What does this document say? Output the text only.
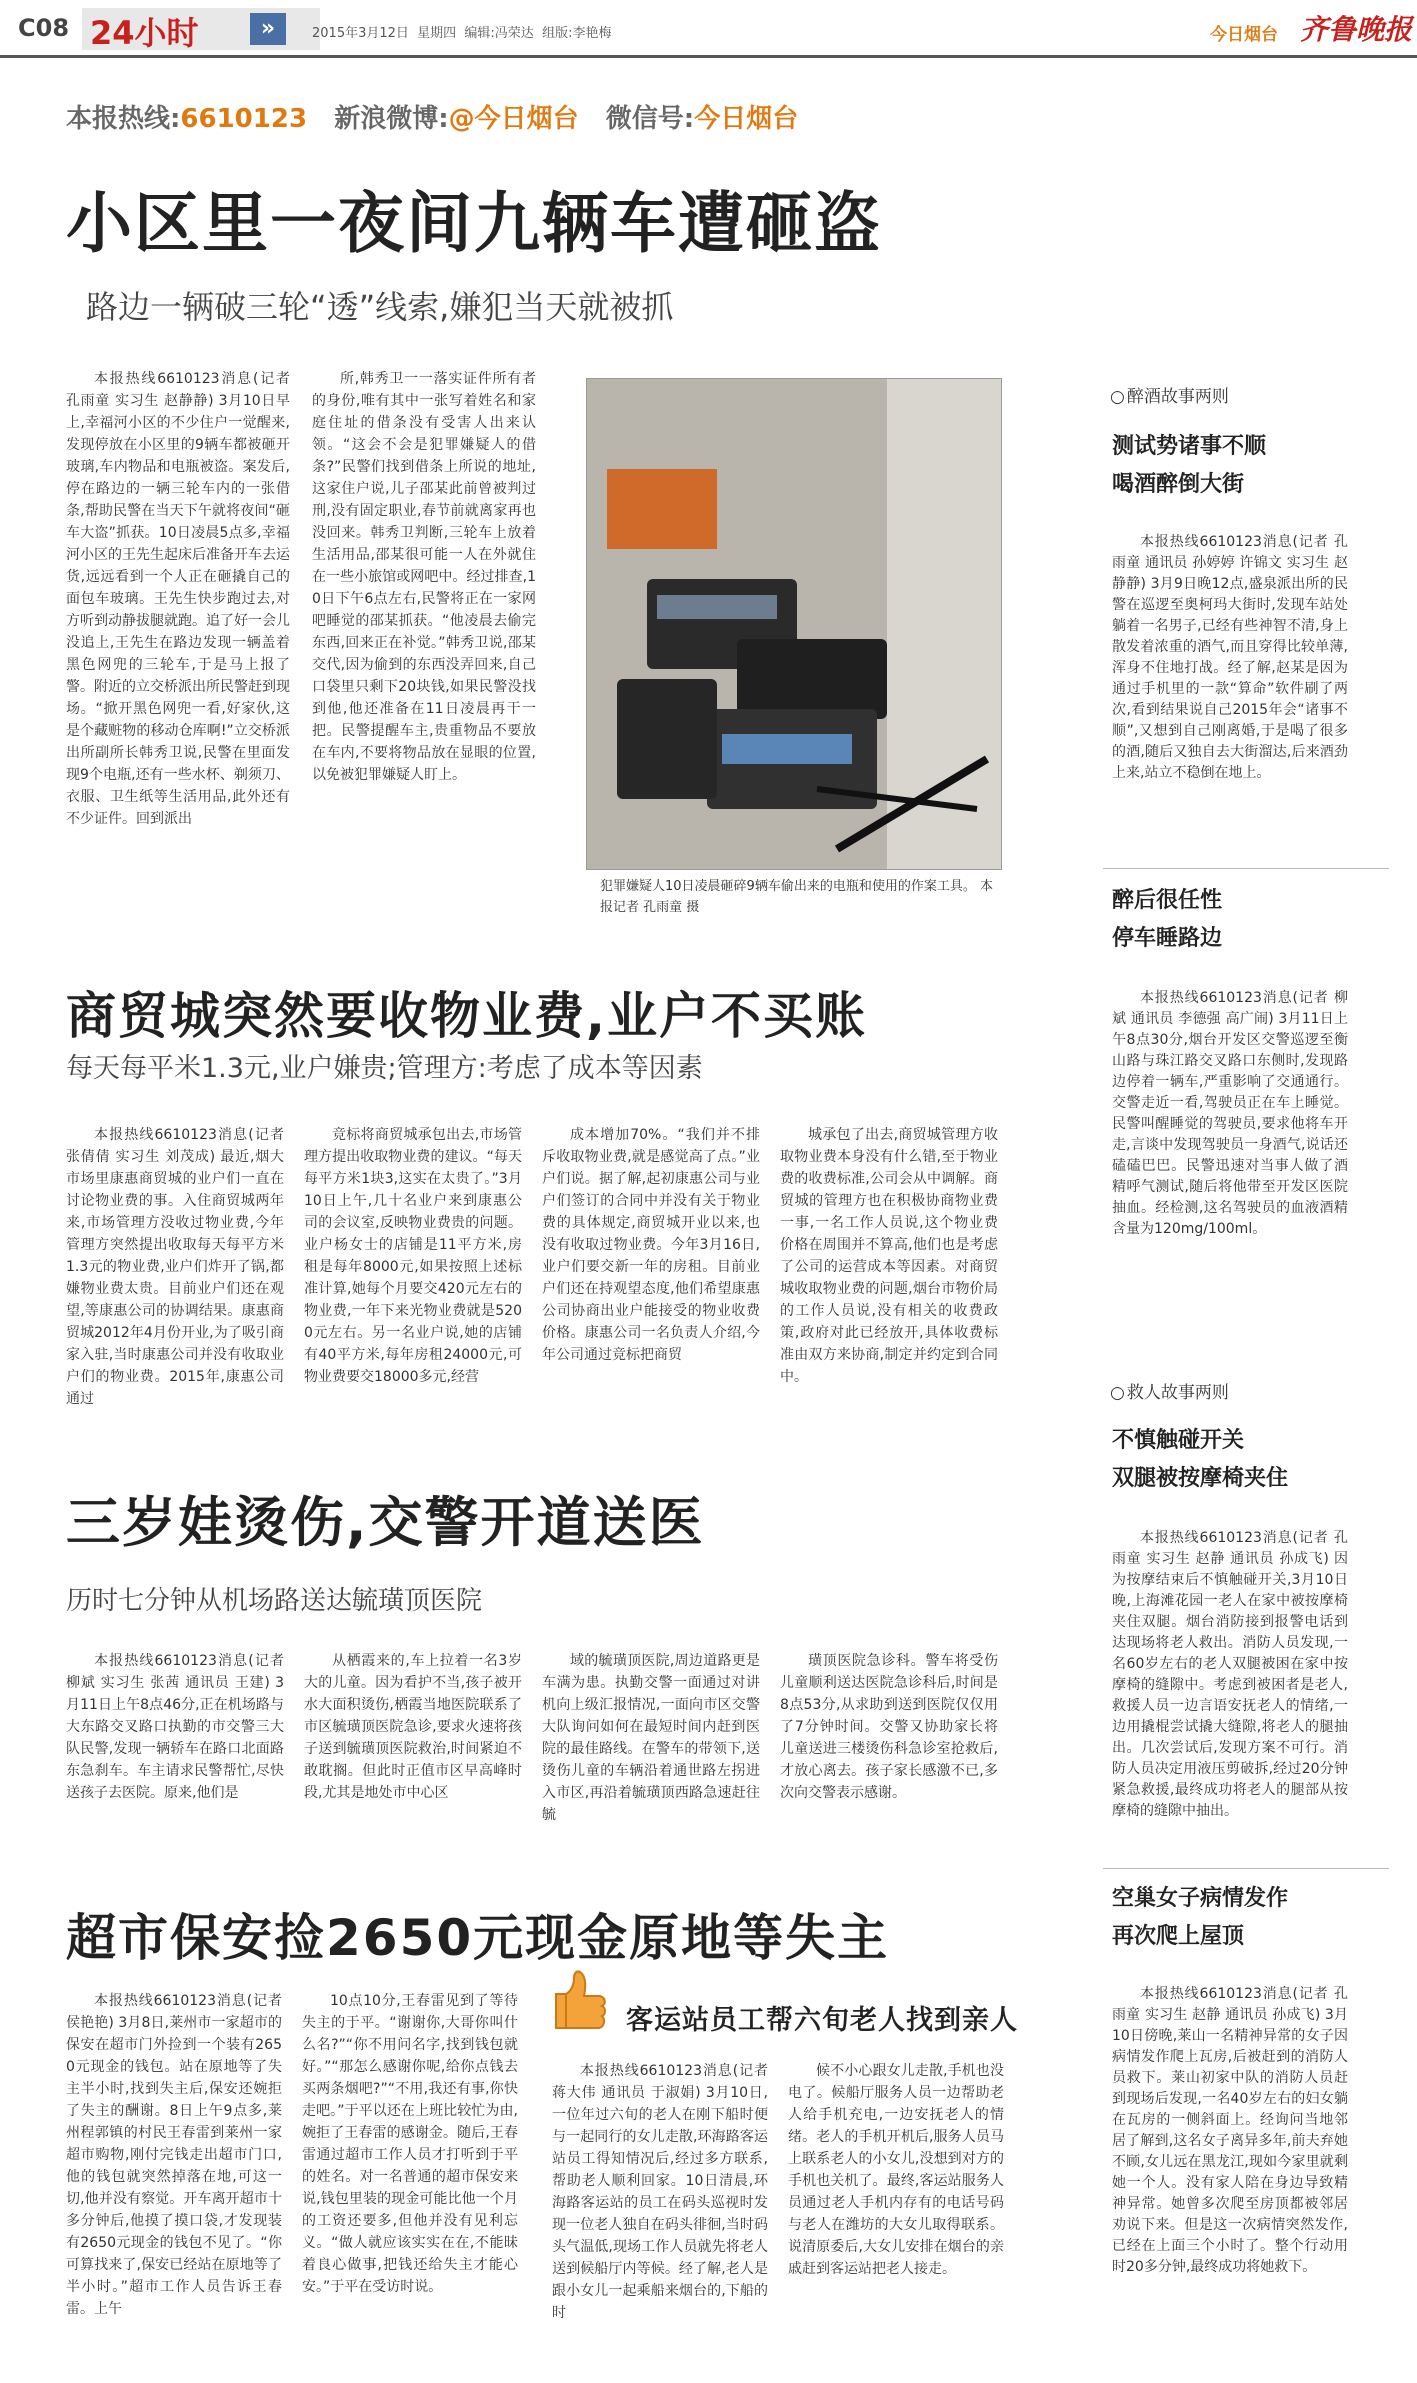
C08 24小时	»	2015年3月12日  星期四  编辑:冯荣达  组版:李艳梅	今日烟台 齐鲁晚报
本报热线:6610123 新浪微博:@今日烟台 微信号:今日烟台
小区里一夜间九辆车遭砸盗
路边一辆破三轮“透”线索,嫌犯当天就被抓

本报热线6610123消息(记者 孔雨童 实习生 赵静静) 3月10日早上,幸福河小区的不少住户一觉醒来,发现停放在小区里的9辆车都被砸开玻璃,车内物品和电瓶被盗。案发后,停在路边的一辆三轮车内的一张借条,帮助民警在当天下午就将夜间“砸车大盗”抓获。10日凌晨5点多,幸福河小区的王先生起床后准备开车去运货,远远看到一个人正在砸撬自己的面包车玻璃。王先生快步跑过去,对方听到动静拔腿就跑。追了好一会儿没追上,王先生在路边发现一辆盖着黑色网兜的三轮车,于是马上报了警。附近的立交桥派出所民警赶到现场。“掀开黑色网兜一看,好家伙,这是个藏赃物的移动仓库啊!”立交桥派出所副所长韩秀卫说,民警在里面发现9个电瓶,还有一些水杯、剃须刀、衣服、卫生纸等生活用品,此外还有不少证件。回到派出

所,韩秀卫一一落实证件所有者的身份,唯有其中一张写着姓名和家庭住址的借条没有受害人出来认领。“这会不会是犯罪嫌疑人的借条?”民警们找到借条上所说的地址,这家住户说,儿子邵某此前曾被判过刑,没有固定职业,春节前就离家再也没回来。韩秀卫判断,三轮车上放着生活用品,邵某很可能一人在外就住在一些小旅馆或网吧中。经过排查,10日下午6点左右,民警将正在一家网吧睡觉的邵某抓获。“他凌晨去偷完东西,回来正在补觉。”韩秀卫说,邵某交代,因为偷到的东西没弄回来,自己口袋里只剩下20块钱,如果民警没找到他,他还准备在11日凌晨再干一把。民警提醒车主,贵重物品不要放在车内,不要将物品放在显眼的位置,以免被犯罪嫌疑人盯上。

犯罪嫌疑人10日凌晨砸碎9辆车偷出来的电瓶和使用的作案工具。 本报记者 孔雨童 摄
商贸城突然要收物业费,业户不买账
每天每平米1.3元,业户嫌贵;管理方:考虑了成本等因素

本报热线6610123消息(记者 张倩倩 实习生 刘茂成) 最近,烟大市场里康惠商贸城的业户们一直在讨论物业费的事。入住商贸城两年来,市场管理方没收过物业费,今年管理方突然提出收取每天每平方米1.3元的物业费,业户们炸开了锅,都嫌物业费太贵。目前业户们还在观望,等康惠公司的协调结果。康惠商贸城2012年4月份开业,为了吸引商家入驻,当时康惠公司并没有收取业户们的物业费。2015年,康惠公司通过

竞标将商贸城承包出去,市场管理方提出收取物业费的建议。“每天每平方米1块3,这实在太贵了。”3月10日上午,几十名业户来到康惠公司的会议室,反映物业费贵的问题。业户杨女士的店铺是11平方米,房租是每年8000元,如果按照上述标准计算,她每个月要交420元左右的物业费,一年下来光物业费就是5200元左右。另一名业户说,她的店铺有40平方米,每年房租24000元,可物业费要交18000多元,经营

成本增加70%。“我们并不排斥收取物业费,就是感觉高了点。”业户们说。据了解,起初康惠公司与业户们签订的合同中并没有关于物业费的具体规定,商贸城开业以来,也没有收取过物业费。今年3月16日,业户们要交新一年的房租。目前业户们还在持观望态度,他们希望康惠公司协商出业户能接受的物业收费价格。康惠公司一名负责人介绍,今年公司通过竞标把商贸

城承包了出去,商贸城管理方收取物业费本身没有什么错,至于物业费的收费标准,公司会从中调解。商贸城的管理方也在积极协商物业费一事,一名工作人员说,这个物业费价格在周围并不算高,他们也是考虑了公司的运营成本等因素。对商贸城收取物业费的问题,烟台市物价局的工作人员说,没有相关的收费政策,政府对此已经放开,具体收费标准由双方来协商,制定并约定到合同中。

三岁娃烫伤,交警开道送医
历时七分钟从机场路送达毓璜顶医院

本报热线6610123消息(记者 柳斌 实习生 张茜 通讯员 王建) 3月11日上午8点46分,正在机场路与大东路交叉路口执勤的市交警三大队民警,发现一辆轿车在路口北面路东急刹车。车主请求民警帮忙,尽快送孩子去医院。原来,他们是

从栖霞来的,车上拉着一名3岁大的儿童。因为看护不当,孩子被开水大面积烫伤,栖霞当地医院联系了市区毓璜顶医院急诊,要求火速将孩子送到毓璜顶医院救治,时间紧迫不敢耽搁。但此时正值市区早高峰时段,尤其是地处市中心区

域的毓璜顶医院,周边道路更是车满为患。执勤交警一面通过对讲机向上级汇报情况,一面向市区交警大队询问如何在最短时间内赶到医院的最佳路线。在警车的带领下,送烫伤儿童的车辆沿着通世路左拐进入市区,再沿着毓璜顶西路急速赶往毓

璜顶医院急诊科。警车将受伤儿童顺利送达医院急诊科后,时间是8点53分,从求助到送到医院仅仅用了7分钟时间。交警又协助家长将儿童送进三楼烫伤科急诊室抢救后,才放心离去。孩子家长感激不已,多次向交警表示感谢。

超市保安捡2650元现金原地等失主

本报热线6610123消息(记者 侯艳艳) 3月8日,莱州市一家超市的保安在超市门外捡到一个装有2650元现金的钱包。站在原地等了失主半小时,找到失主后,保安还婉拒了失主的酬谢。8日上午9点多,莱州程郭镇的村民王春雷到莱州一家超市购物,刚付完钱走出超市门口,他的钱包就突然掉落在地,可这一切,他并没有察觉。开车离开超市十多分钟后,他摸了摸口袋,才发现装有2650元现金的钱包不见了。“你可算找来了,保安已经站在原地等了半小时。”超市工作人员告诉王春雷。上午

10点10分,王春雷见到了等待失主的于平。“谢谢你,大哥你叫什么名?”“你不用问名字,找到钱包就好。”“那怎么感谢你呢,给你点钱去买两条烟吧?”“不用,我还有事,你快走吧。”于平以还在上班比较忙为由,婉拒了王春雷的感谢金。随后,王春雷通过超市工作人员才打听到于平的姓名。对一名普通的超市保安来说,钱包里装的现金可能比他一个月的工资还要多,但他并没有见利忘义。“做人就应该实实在在,不能昧着良心做事,把钱还给失主才能心安。”于平在受访时说。

客运站员工帮六旬老人找到亲人

本报热线6610123消息(记者 蒋大伟 通讯员 于淑娟) 3月10日,一位年过六旬的老人在刚下船时便与一起同行的女儿走散,环海路客运站员工得知情况后,经过多方联系,帮助老人顺利回家。10日清晨,环海路客运站的员工在码头巡视时发现一位老人独自在码头徘徊,当时码头气温低,现场工作人员就先将老人送到候船厅内等候。经了解,老人是跟小女儿一起乘船来烟台的,下船的时

候不小心跟女儿走散,手机也没电了。候船厅服务人员一边帮助老人给手机充电,一边安抚老人的情绪。老人的手机开机后,服务人员马上联系老人的小女儿,没想到对方的手机也关机了。最终,客运站服务人员通过老人手机内存有的电话号码与老人在潍坊的大女儿取得联系。说清原委后,大女儿安排在烟台的亲戚赶到客运站把老人接走。

○ 醉酒故事两则
测试势诸事不顺
喝酒醉倒大街

本报热线6610123消息(记者 孔雨童 通讯员 孙婷婷 许锦文 实习生 赵静静) 3月9日晚12点,盛泉派出所的民警在巡逻至奥柯玛大街时,发现车站处躺着一名男子,已经有些神智不清,身上散发着浓重的酒气,而且穿得比较单薄,浑身不住地打战。经了解,赵某是因为通过手机里的一款“算命”软件刷了两次,看到结果说自己2015年会“诸事不顺”,又想到自己刚离婚,于是喝了很多的酒,随后又独自去大街溜达,后来酒劲上来,站立不稳倒在地上。

醉后很任性
停车睡路边

本报热线6610123消息(记者 柳斌 通讯员 李德强 高广闹) 3月11日上午8点30分,烟台开发区交警巡逻至衡山路与珠江路交叉路口东侧时,发现路边停着一辆车,严重影响了交通通行。交警走近一看,驾驶员正在车上睡觉。民警叫醒睡觉的驾驶员,要求他将车开走,言谈中发现驾驶员一身酒气,说话还磕磕巴巴。民警迅速对当事人做了酒精呼气测试,随后将他带至开发区医院抽血。经检测,这名驾驶员的血液酒精含量为120mg/100ml。

○ 救人故事两则
不慎触碰开关
双腿被按摩椅夹住

本报热线6610123消息(记者 孔雨童 实习生 赵静 通讯员 孙成飞) 因为按摩结束后不慎触碰开关,3月10日晚,上海滩花园一老人在家中被按摩椅夹住双腿。烟台消防接到报警电话到达现场将老人救出。消防人员发现,一名60岁左右的老人双腿被困在家中按摩椅的缝隙中。考虑到被困者是老人,救援人员一边言语安抚老人的情绪,一边用撬棍尝试撬大缝隙,将老人的腿抽出。几次尝试后,发现方案不可行。消防人员决定用液压剪破拆,经过20分钟紧急救援,最终成功将老人的腿部从按摩椅的缝隙中抽出。

空巢女子病情发作
再次爬上屋顶

本报热线6610123消息(记者 孔雨童 实习生 赵静 通讯员 孙成飞) 3月10日傍晚,莱山一名精神异常的女子因病情发作爬上瓦房,后被赶到的消防人员救下。莱山初家中队的消防人员赶到现场后发现,一名40岁左右的妇女躺在瓦房的一侧斜面上。经询问当地邻居了解到,这名女子离异多年,前夫弃她不顾,女儿远在黑龙江,现如今家里就剩她一个人。没有家人陪在身边导致精神异常。她曾多次爬至房顶都被邻居劝说下来。但是这一次病情突然发作,已经在上面三个小时了。整个行动用时20多分钟,最终成功将她救下。
